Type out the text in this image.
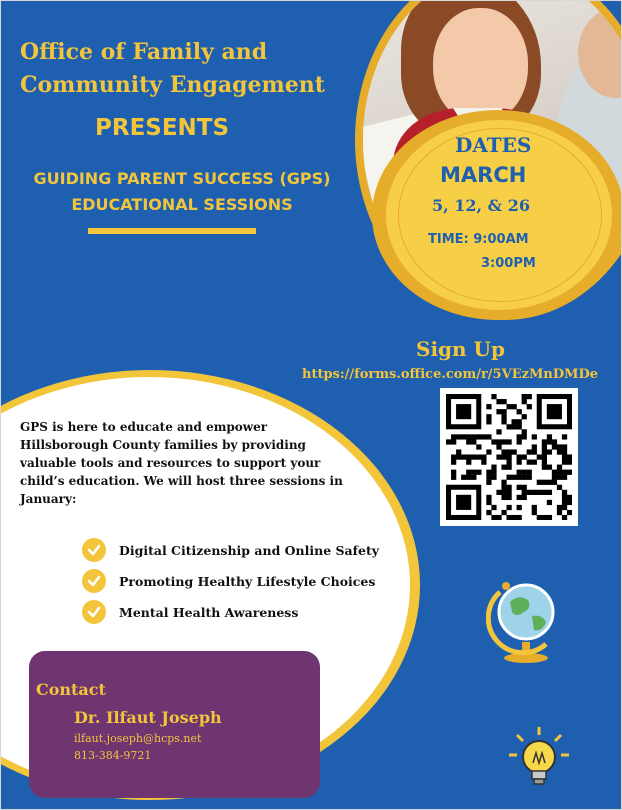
Office of Family and Community Engagement
PRESENTS
GUIDING PARENT SUCCESS (GPS)
EDUCATIONAL SESSIONS
DATES
MARCH
5, 12, & 26
TIME: 9:00AM
3:00PM
Sign Up
https://forms.office.com/r/5VEzMnDMDe
GPS is here to educate and empower Hillsborough County families by providing valuable tools and resources to support your child’s education. We will host three sessions in January:
Digital Citizenship and Online Safety
Promoting Healthy Lifestyle Choices
Mental Health Awareness
Contact
Dr. Ilfaut Joseph
ilfaut.joseph@hcps.net
813-384-9721
